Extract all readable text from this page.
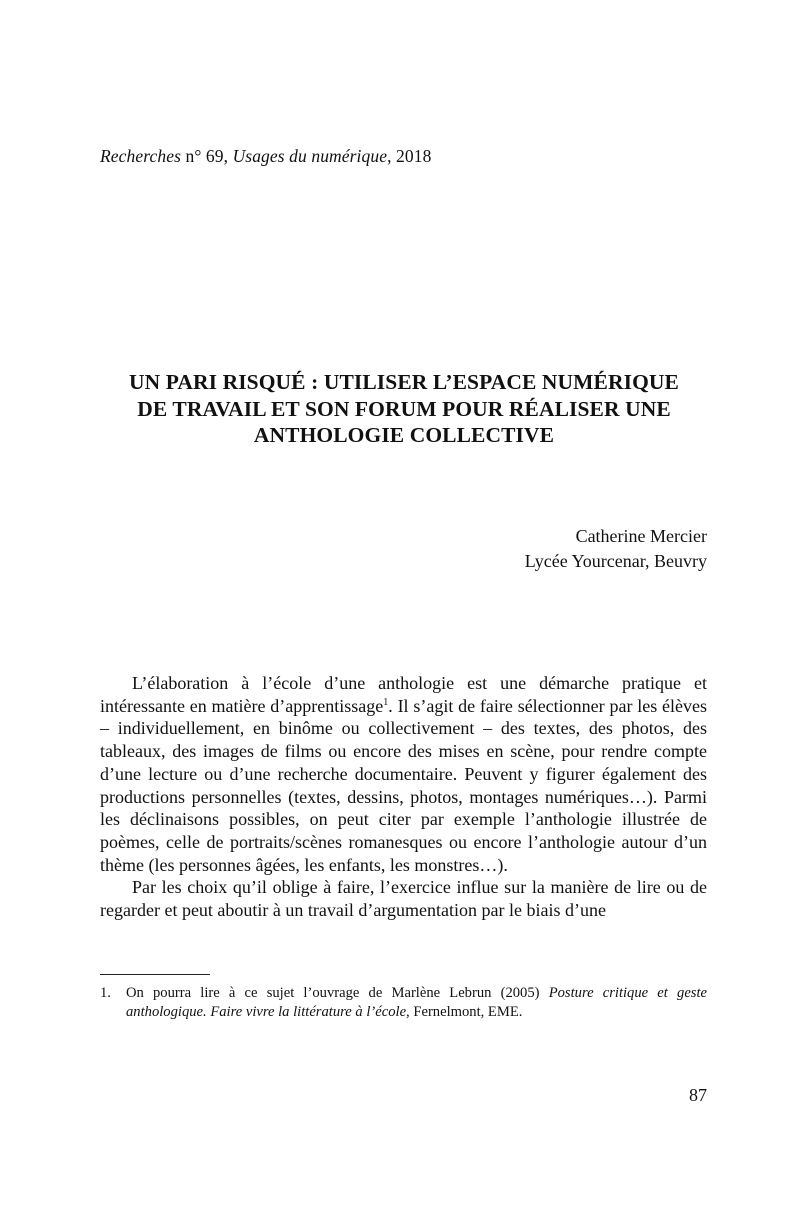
Recherches n° 69, Usages du numérique, 2018
UN PARI RISQUÉ : UTILISER L’ESPACE NUMÉRIQUE
DE TRAVAIL ET SON FORUM POUR RÉALISER UNE
ANTHOLOGIE COLLECTIVE
Catherine Mercier
Lycée Yourcenar, Beuvry

L’élaboration à l’école d’une anthologie est une démarche pratique et intéressante en matière d’apprentissage$^1$. Il s’agit de faire sélectionner par les élèves – individuellement, en binôme ou collectivement – des textes, des photos, des tableaux, des images de films ou encore des mises en scène, pour rendre compte d’une lecture ou d’une recherche documentaire. Peuvent y figurer également des productions personnelles (textes, dessins, photos, montages numériques…). Parmi les déclinaisons possibles, on peut citer par exemple l’anthologie illustrée de poèmes, celle de portraits/scènes romanesques ou encore l’anthologie autour d’un thème (les personnes âgées, les enfants, les monstres…).

Par les choix qu’il oblige à faire, l’exercice influe sur la manière de lire ou de regarder et peut aboutir à un travail d’argumentation par le biais d’une

1.	On pourra lire à ce sujet l’ouvrage de Marlène Lebrun (2005) Posture critique et geste anthologique. Faire vivre la littérature à l’école, Fernelmont, EME.
87
